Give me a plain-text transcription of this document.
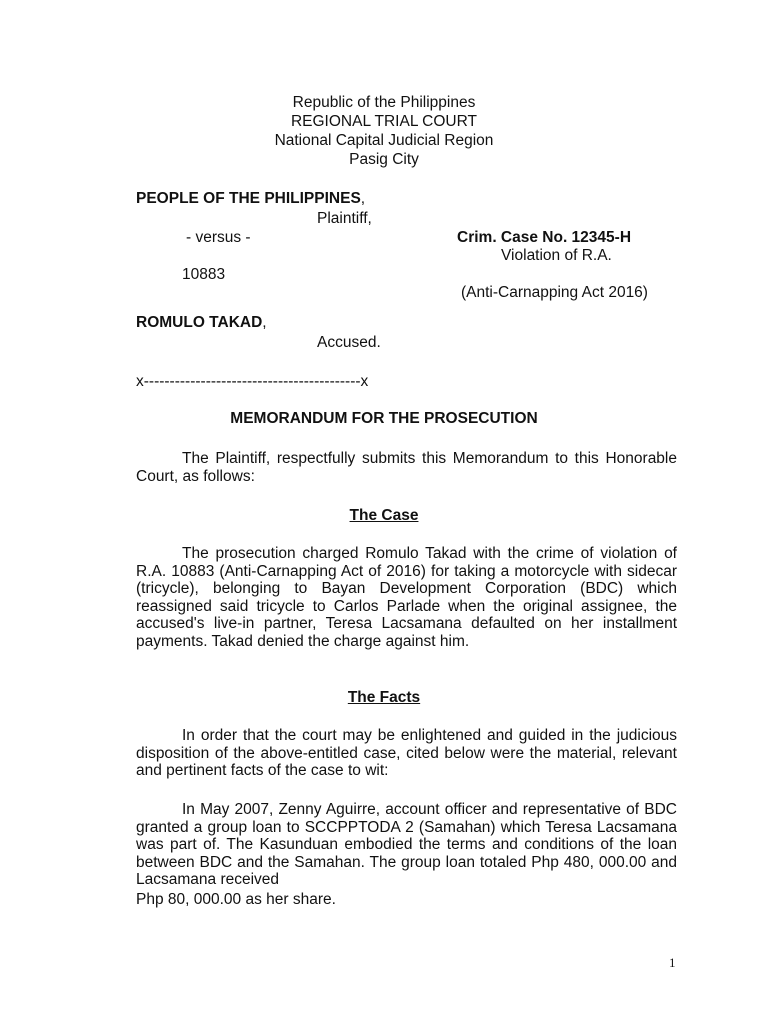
Republic of the Philippines
REGIONAL TRIAL COURT
National Capital Judicial Region
Pasig City
PEOPLE OF THE PHILIPPINES,
Plaintiff,
- versus -	Crim. Case No. 12345-H
Violation of R.A.
10883
(Anti-Carnapping Act 2016)
ROMULO TAKAD,
Accused.
x------------------------------------------x
MEMORANDUM FOR THE PROSECUTION
The Plaintiff, respectfully submits this Memorandum to this Honorable Court, as follows:
The Case
The prosecution charged Romulo Takad with the crime of violation of R.A. 10883 (Anti-Carnapping Act of 2016) for taking a motorcycle with sidecar (tricycle), belonging to Bayan Development Corporation (BDC) which reassigned said tricycle to Carlos Parlade when the original assignee, the accused's live-in partner, Teresa Lacsamana defaulted on her installment payments. Takad denied the charge against him.
The Facts
In order that the court may be enlightened and guided in the judicious disposition of the above-entitled case, cited below were the material, relevant and pertinent facts of the case to wit:
In May 2007, Zenny Aguirre, account officer and representative of BDC granted a group loan to SCCPPTODA 2 (Samahan) which Teresa Lacsamana was part of. The Kasunduan embodied the terms and conditions of the loan between BDC and the Samahan. The group loan totaled Php 480, 000.00 and Lacsamana received
Php 80, 000.00 as her share.
1
